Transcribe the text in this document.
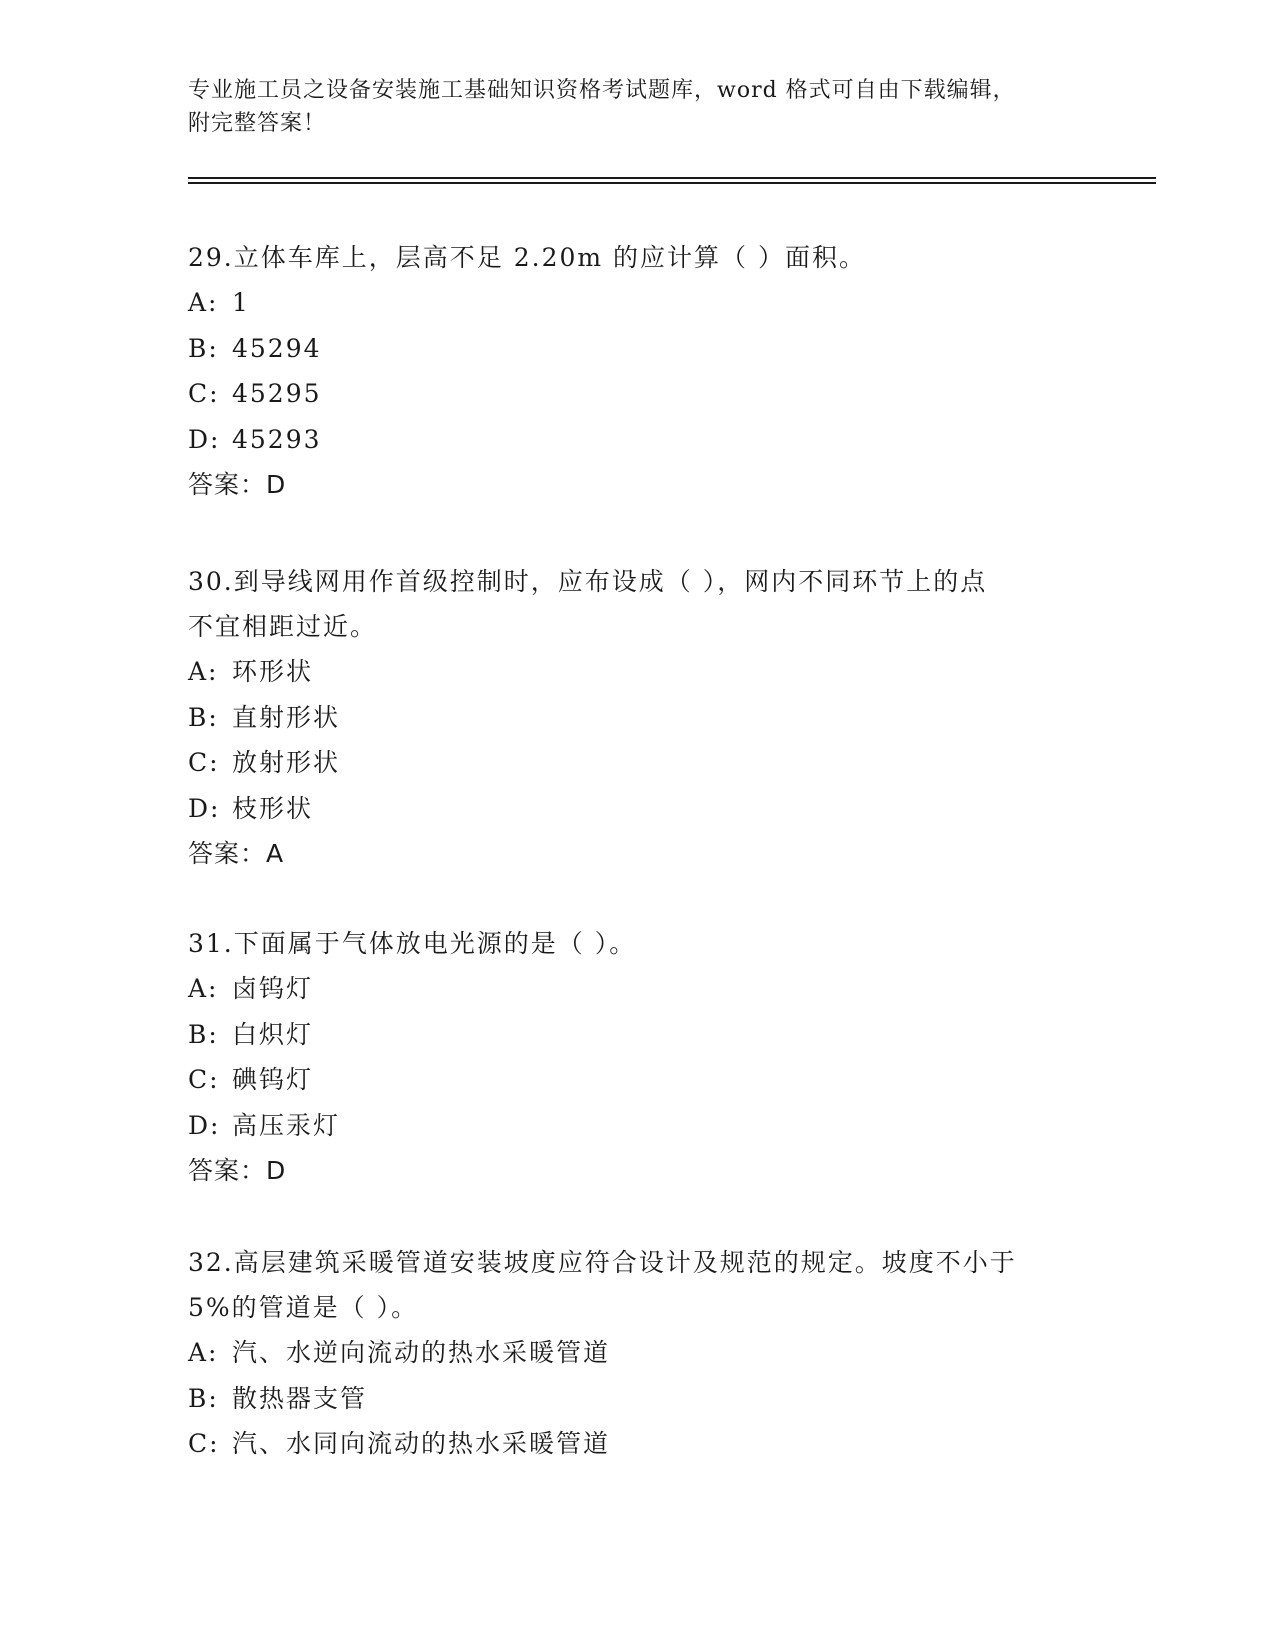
专业施工员之设备安装施工基础知识资格考试题库，word 格式可自由下载编辑，
附完整答案！
29.立体车库上，层高不足 2.20m 的应计算（ ）面积。
A: 1
B: 45294
C: 45295
D: 45293
答案：D
30.到导线网用作首级控制时，应布设成（ ），网内不同环节上的点
不宜相距过近。
A: 环形状
B: 直射形状
C: 放射形状
D: 枝形状
答案：A
31.下面属于气体放电光源的是（ ）。
A: 卤钨灯
B: 白炽灯
C: 碘钨灯
D: 高压汞灯
答案：D
32.高层建筑采暖管道安装坡度应符合设计及规范的规定。坡度不小于
5%的管道是（ ）。
A: 汽、水逆向流动的热水采暖管道
B: 散热器支管
C: 汽、水同向流动的热水采暖管道
